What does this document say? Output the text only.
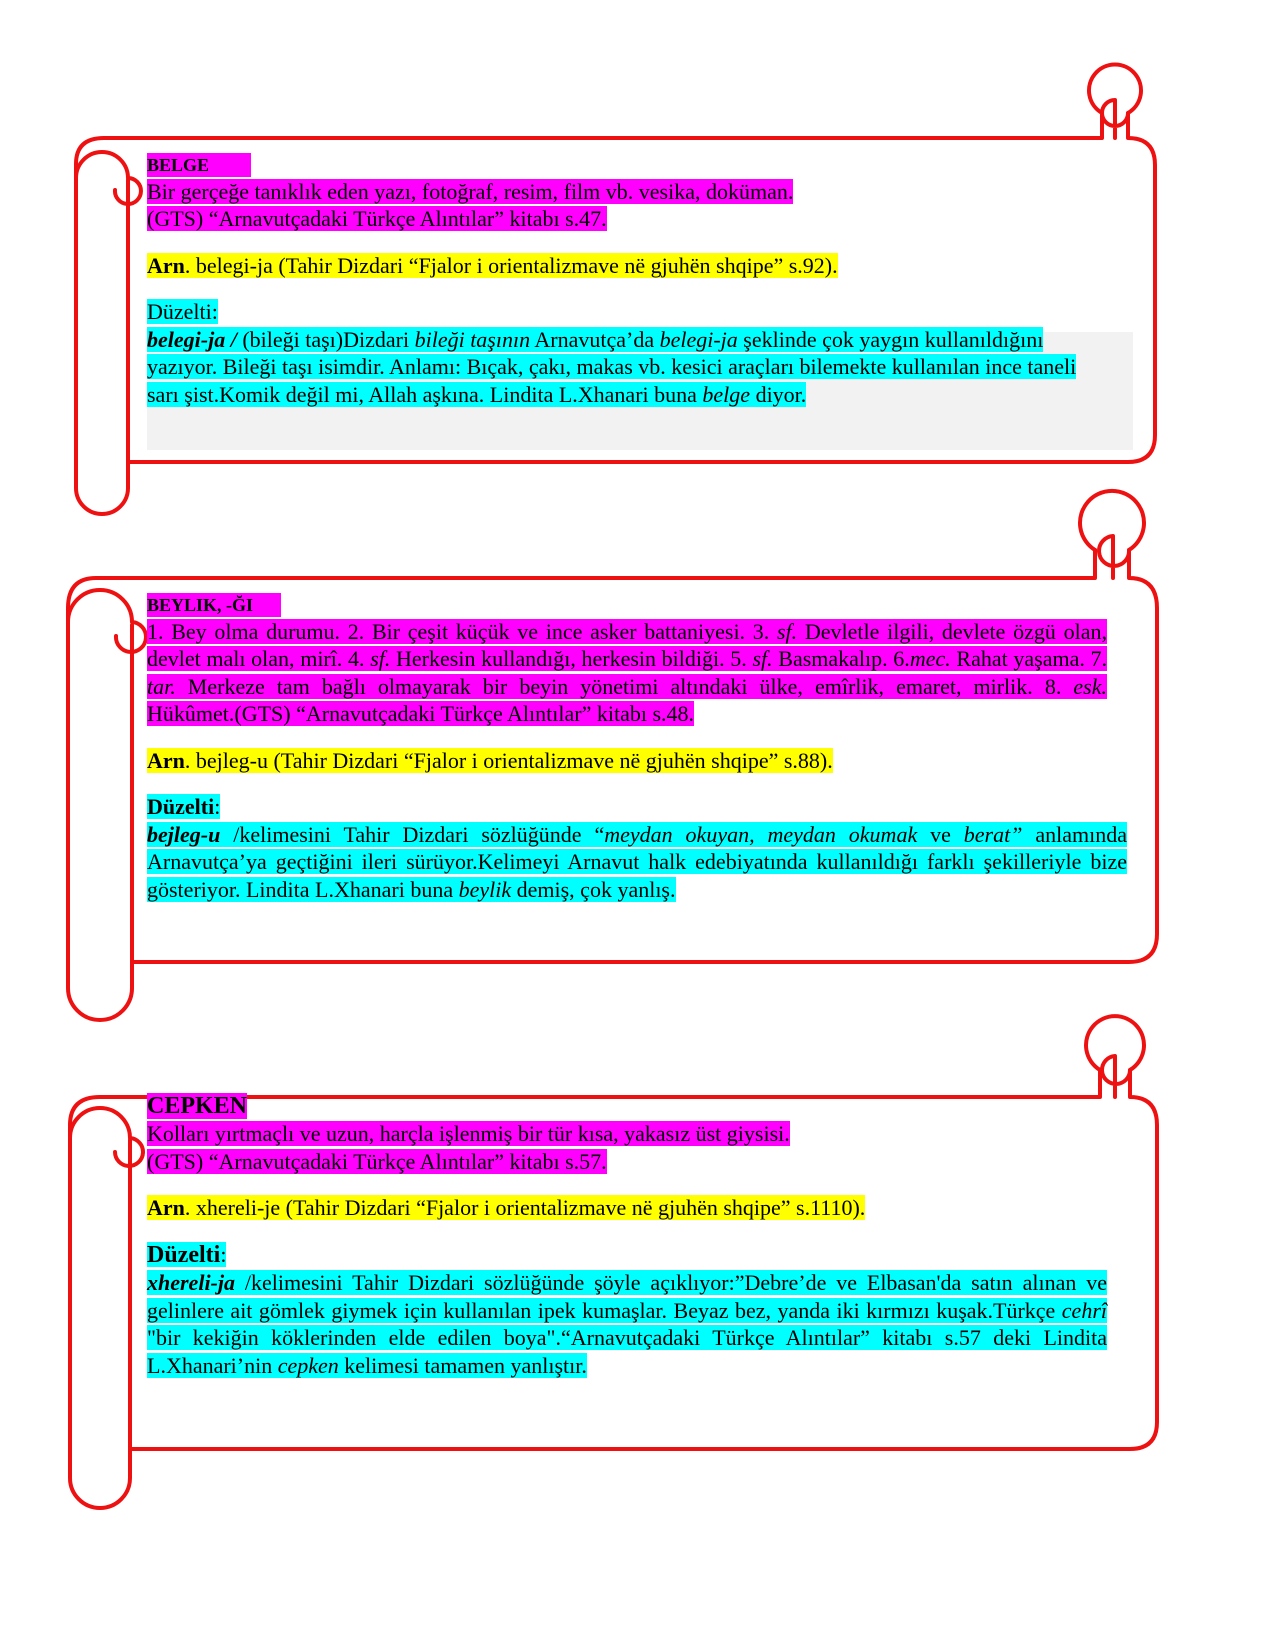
BELGE
Bir gerçeğe tanıklık eden yazı, fotoğraf, resim, film vb. vesika, doküman.
(GTS) “Arnavutçadaki Türkçe Alıntılar” kitabı s.47.
Arn. belegi-ja (Tahir Dizdari “Fjalor i orientalizmave në gjuhën shqipe” s.92).
Düzelti:
belegi-ja / (bileği taşı)Dizdari bileği taşının Arnavutça’da belegi-ja şeklinde çok yaygın kullanıldığını yazıyor. Bileği taşı isimdir. Anlamı: Bıçak, çakı, makas vb. kesici araçları bilemekte kullanılan ince taneli sarı şist.Komik değil mi, Allah aşkına. Lindita L.Xhanari buna belge diyor.
BEYLIK, -ĞI
1. Bey olma durumu. 2. Bir çeşit küçük ve ince asker battaniyesi. 3. sf. Devletle ilgili, devlete özgü olan, devlet malı olan, mirî. 4. sf. Herkesin kullandığı, herkesin bildiği. 5. sf. Basmakalıp. 6.mec. Rahat yaşama. 7. tar. Merkeze tam bağlı olmayarak bir beyin yönetimi altındaki ülke, emîrlik, emaret, mirlik. 8. esk. Hükûmet.(GTS) “Arnavutçadaki Türkçe Alıntılar” kitabı s.48.
Arn. bejleg-u (Tahir Dizdari “Fjalor i orientalizmave në gjuhën shqipe” s.88).
Düzelti:
bejleg-u /kelimesini Tahir Dizdari sözlüğünde “meydan okuyan, meydan okumak ve berat” anlamında Arnavutça’ya geçtiğini ileri sürüyor.Kelimeyi Arnavut halk edebiyatında kullanıldığı farklı şekilleriyle bize gösteriyor. Lindita L.Xhanari buna beylik demiş, çok yanlış.
CEPKEN
Kolları yırtmaçlı ve uzun, harçla işlenmiş bir tür kısa, yakasız üst giysisi.
(GTS) “Arnavutçadaki Türkçe Alıntılar” kitabı s.57.
Arn. xhereli-je (Tahir Dizdari “Fjalor i orientalizmave në gjuhën shqipe” s.1110).
Düzelti:
xhereli-ja /kelimesini Tahir Dizdari sözlüğünde şöyle açıklıyor:”Debre’de ve Elbasan'da satın alınan ve gelinlere ait gömlek giymek için kullanılan ipek kumaşlar. Beyaz bez, yanda iki kırmızı kuşak.Türkçe cehrî "bir kekiğin köklerinden elde edilen boya".“Arnavutçadaki Türkçe Alıntılar” kitabı s.57 deki Lindita L.Xhanari’nin cepken kelimesi tamamen yanlıştır.
